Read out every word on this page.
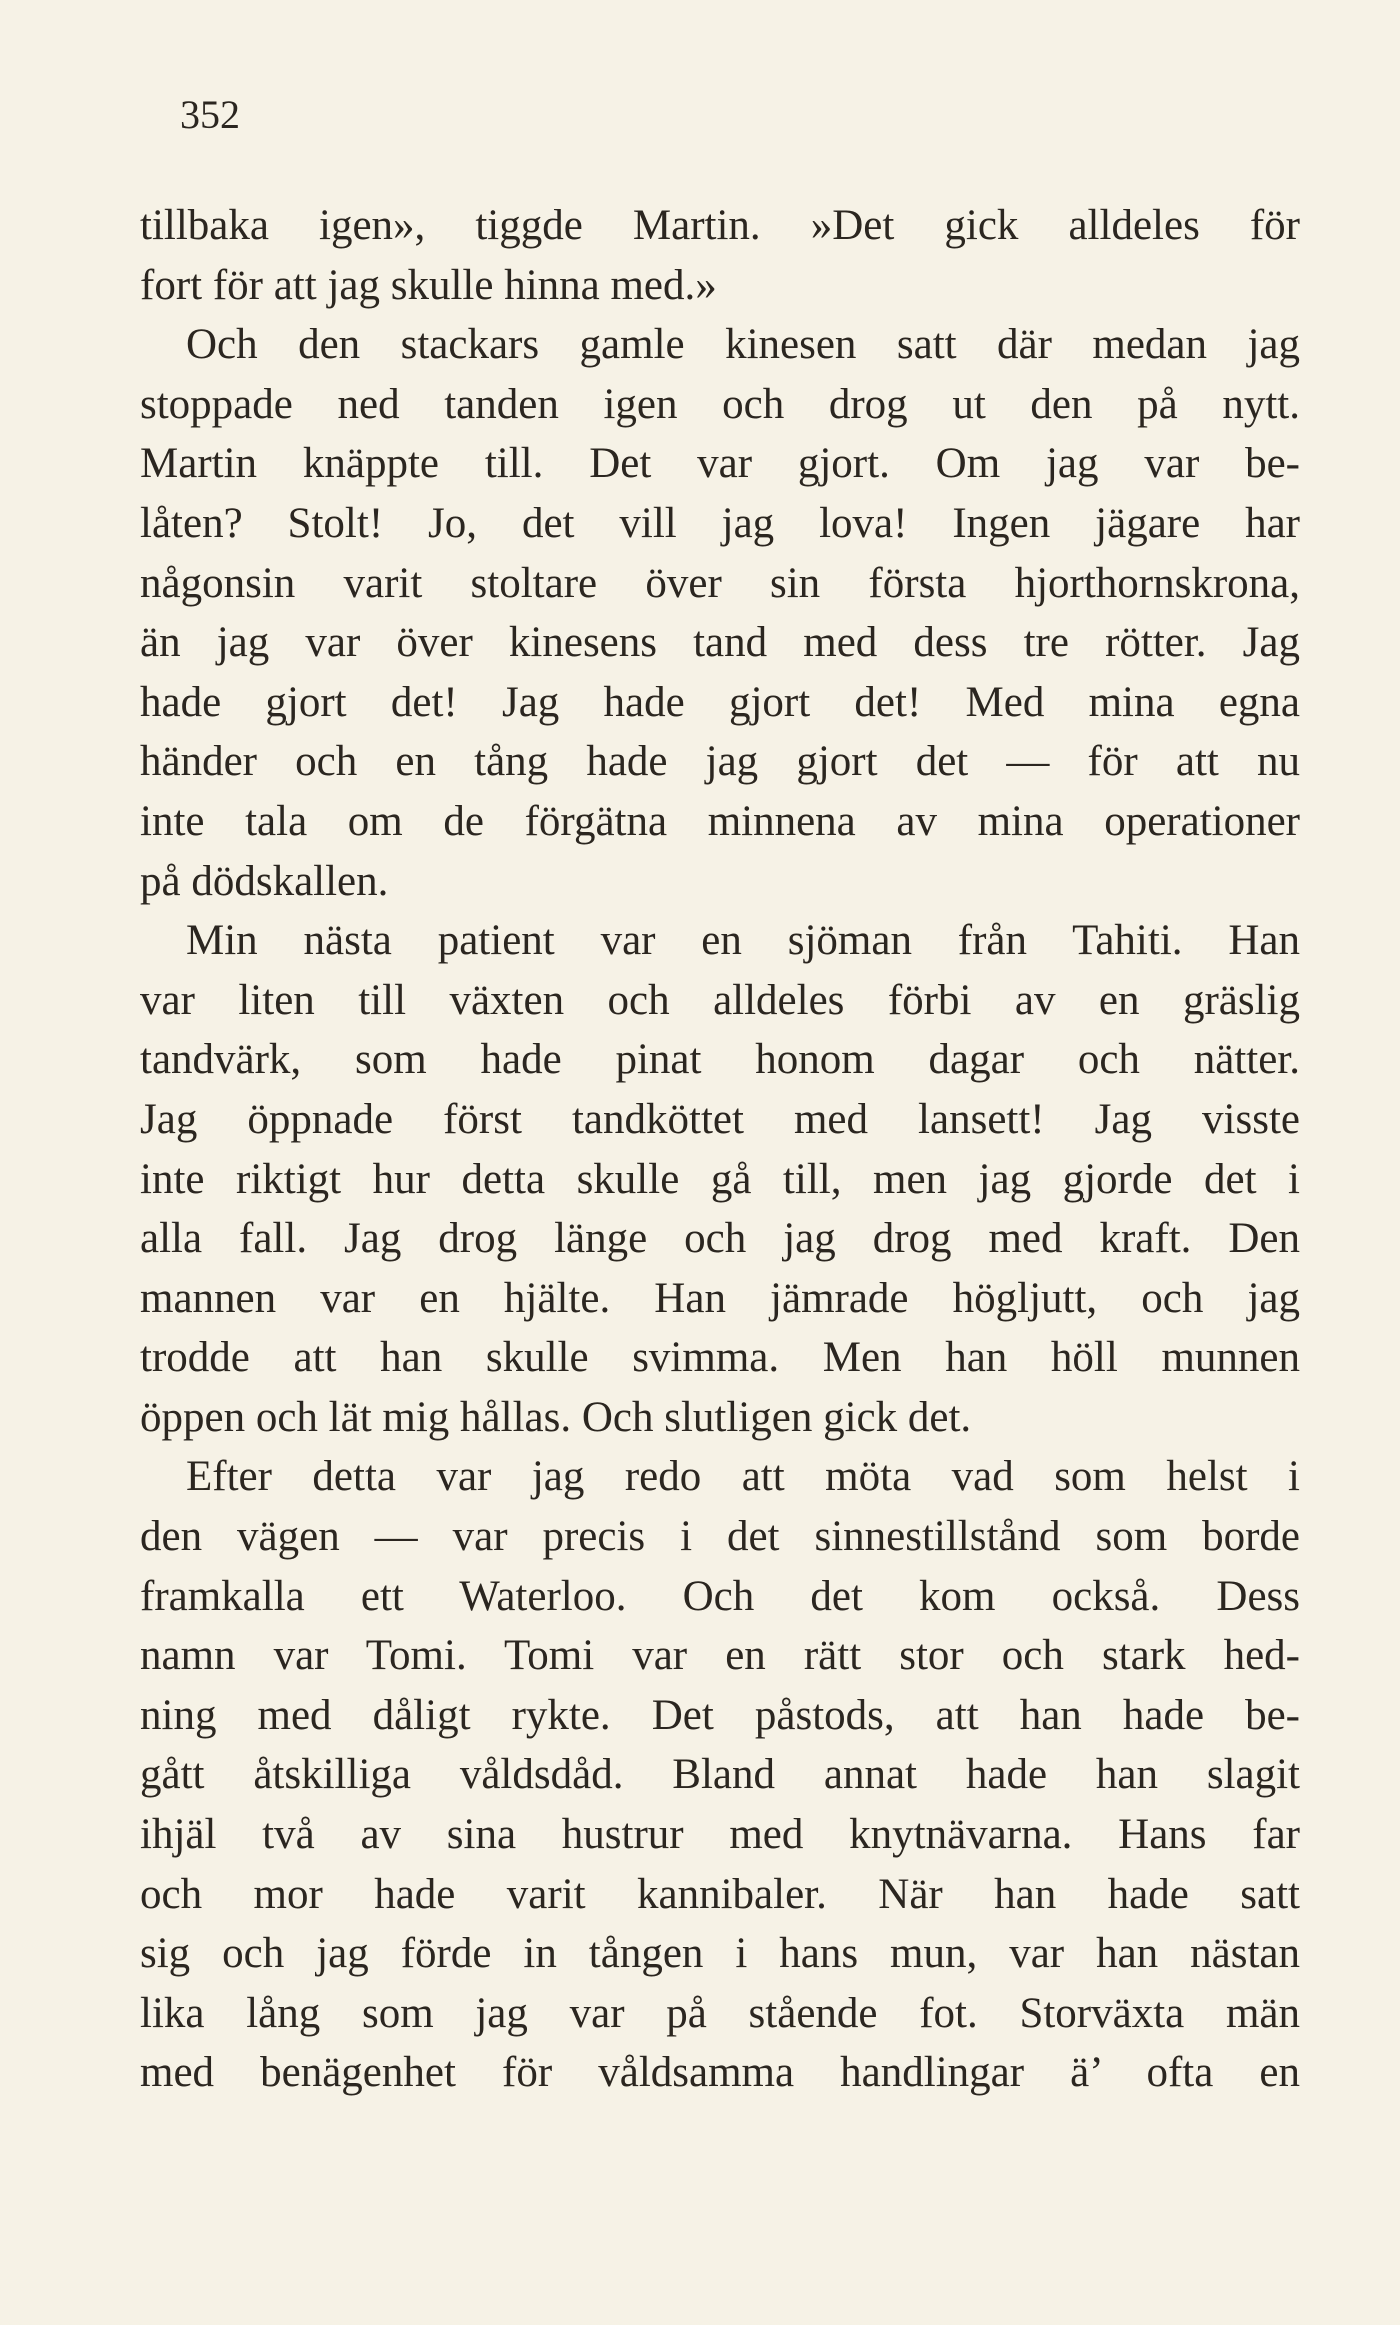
352
tillbaka igen», tiggde Martin. »Det gick alldeles för
fort för att jag skulle hinna med.»
Och den stackars gamle kinesen satt där medan jag
stoppade ned tanden igen och drog ut den på nytt.
Martin knäppte till. Det var gjort. Om jag var be-
låten? Stolt! Jo, det vill jag lova! Ingen jägare har
någonsin varit stoltare över sin första hjorthornskrona,
än jag var över kinesens tand med dess tre rötter. Jag
hade gjort det! Jag hade gjort det! Med mina egna
händer och en tång hade jag gjort det — för att nu
inte tala om de förgätna minnena av mina operationer
på dödskallen.
Min nästa patient var en sjöman från Tahiti. Han
var liten till växten och alldeles förbi av en gräslig
tandvärk, som hade pinat honom dagar och nätter.
Jag öppnade först tandköttet med lansett! Jag visste
inte riktigt hur detta skulle gå till, men jag gjorde det i
alla fall. Jag drog länge och jag drog med kraft. Den
mannen var en hjälte. Han jämrade högljutt, och jag
trodde att han skulle svimma. Men han höll munnen
öppen och lät mig hållas. Och slutligen gick det.
Efter detta var jag redo att möta vad som helst i
den vägen — var precis i det sinnestillstånd som borde
framkalla ett Waterloo. Och det kom också. Dess
namn var Tomi. Tomi var en rätt stor och stark hed-
ning med dåligt rykte. Det påstods, att han hade be-
gått åtskilliga våldsdåd. Bland annat hade han slagit
ihjäl två av sina hustrur med knytnävarna. Hans far
och mor hade varit kannibaler. När han hade satt
sig och jag förde in tången i hans mun, var han nästan
lika lång som jag var på stående fot. Storväxta män
med benägenhet för våldsamma handlingar ä’ ofta en
